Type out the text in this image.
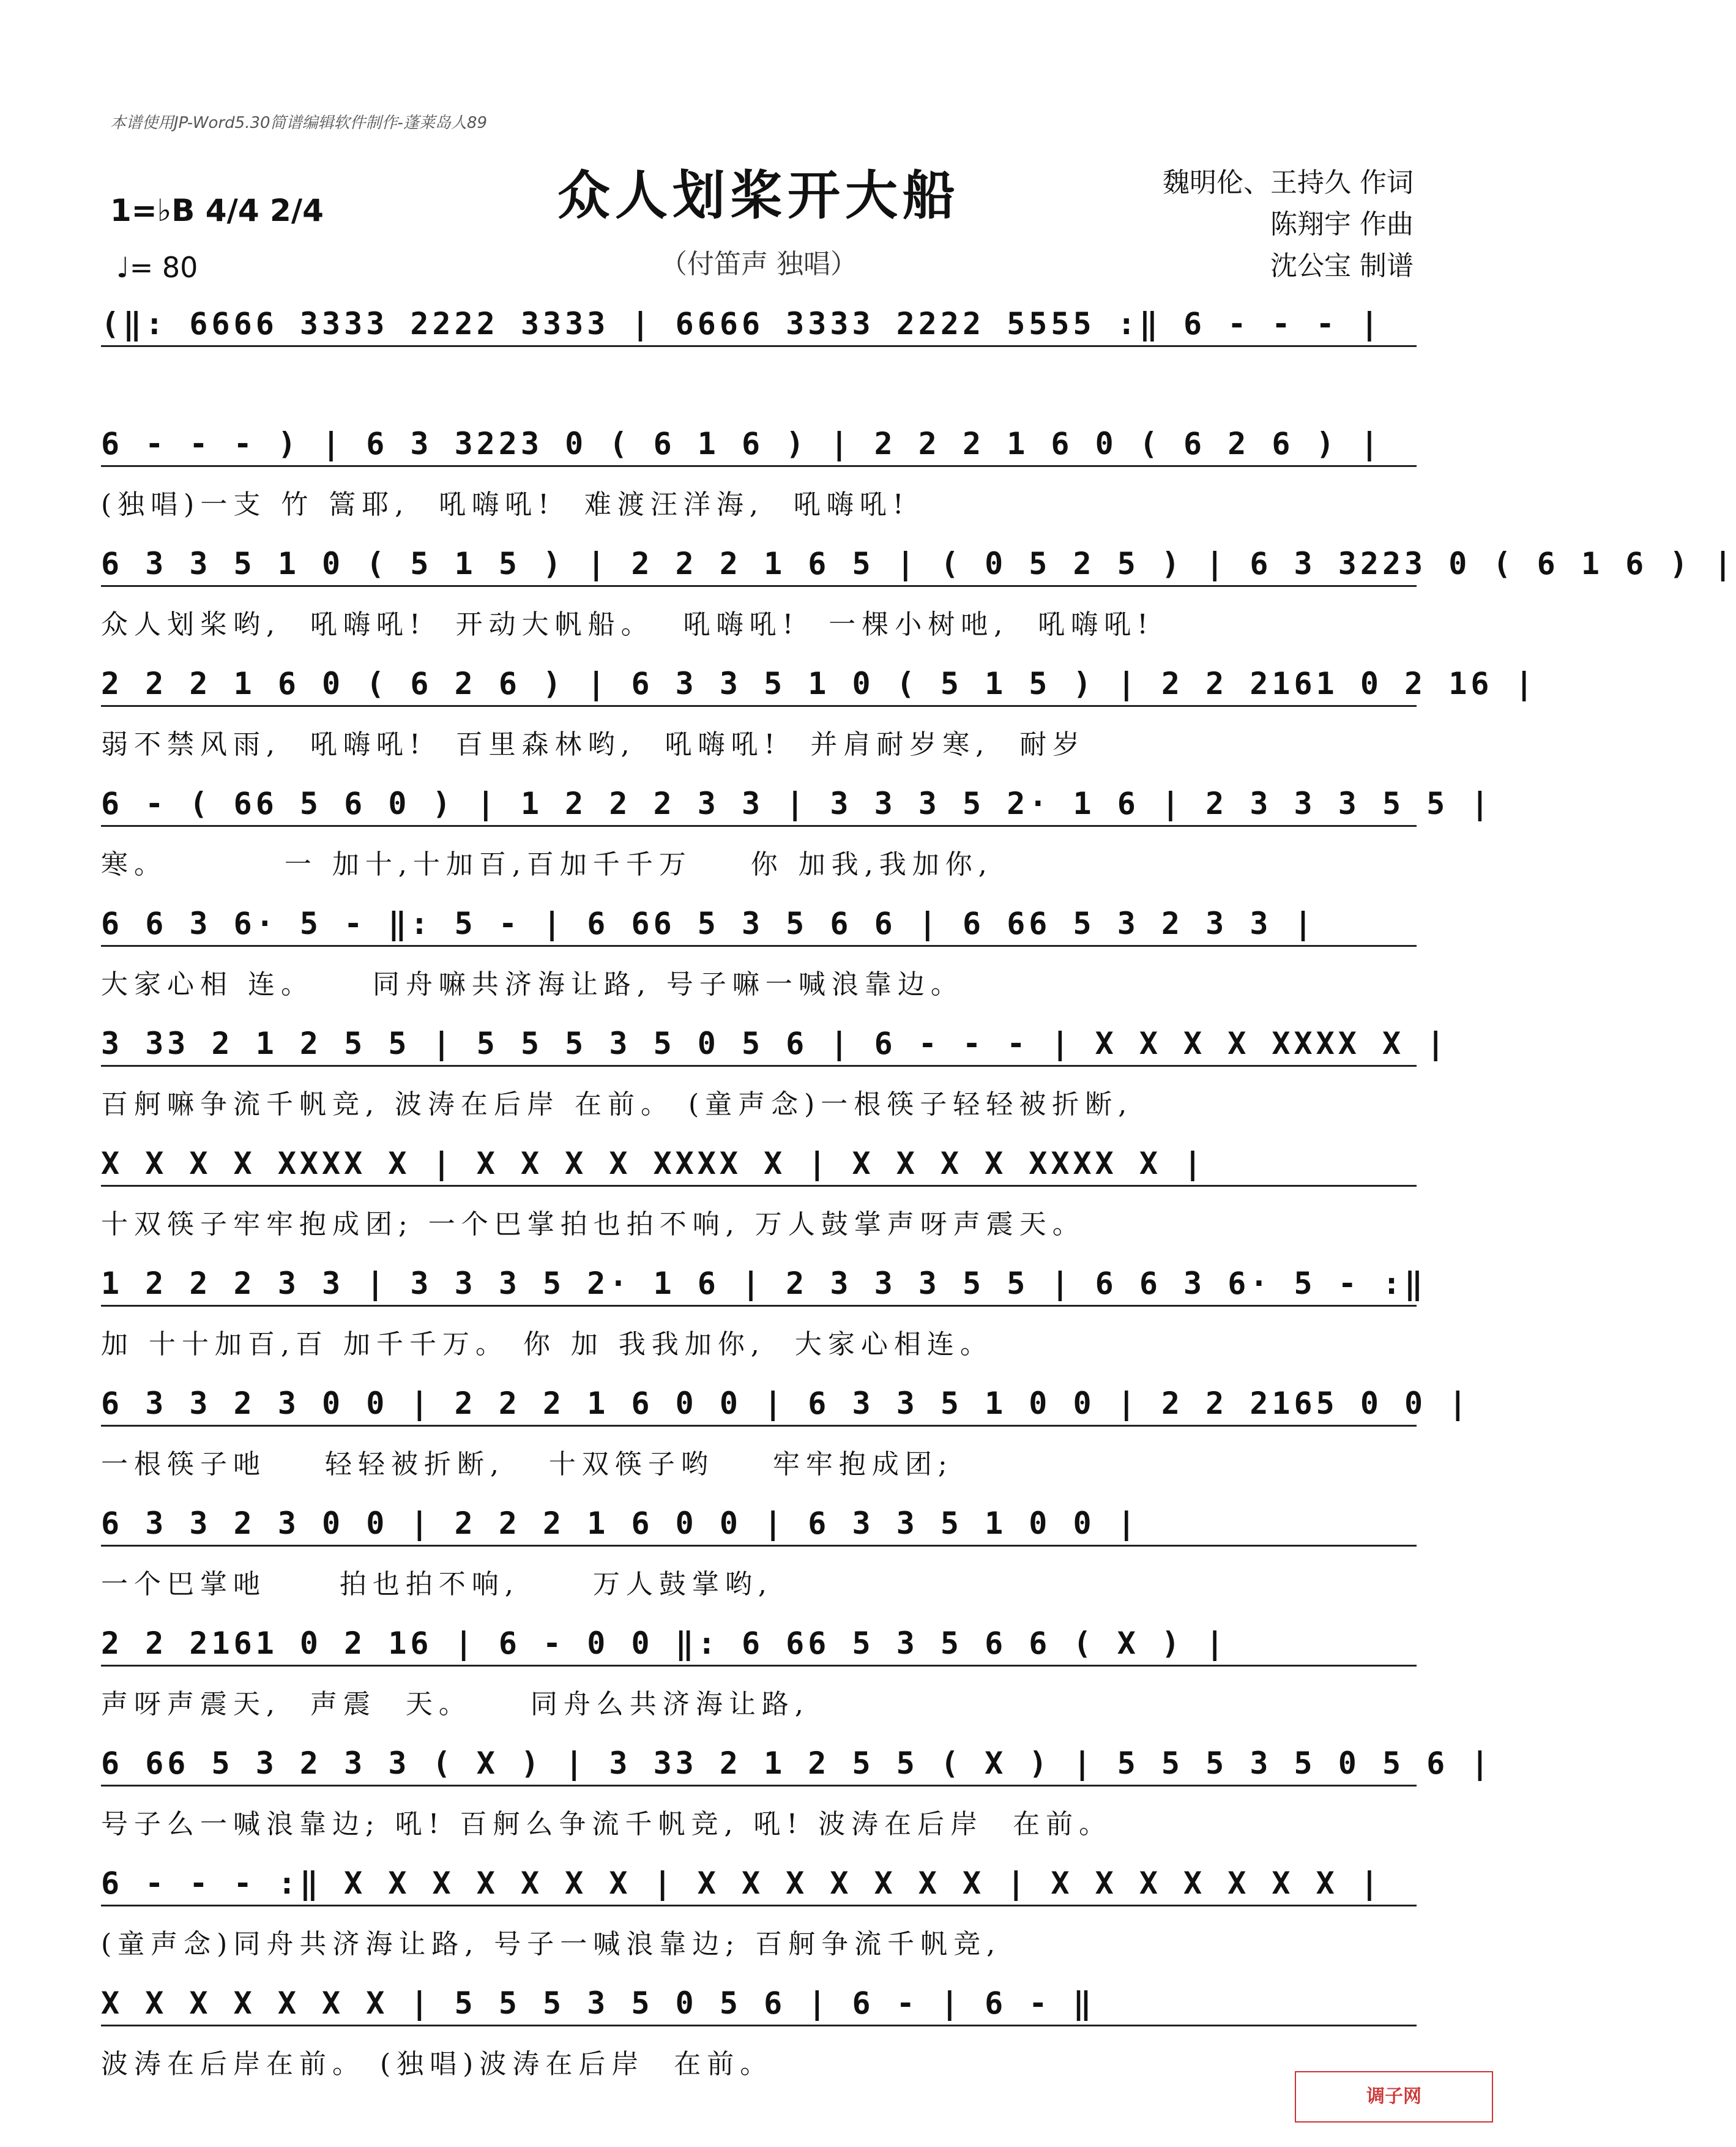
本谱使用JP-Word5.30简谱编辑软件制作-蓬莱岛人89
众人划桨开大船
（付笛声 独唱）
魏明伦、王持久 作词
陈翔宇 作曲
沈公宝 制谱
1=♭B 4/4 2/4
♩= 80
(‖: 6666 3333 2222 3333 | 6666 3333 2222 5555 :‖ 6 - - - |
6 - - - ) | 6 3 3223 0 ( 6 1 6 ) | 2 2 2 1 6 0 ( 6 2 6 ) |
(独唱)一支 竹 篙耶,  吼嗨吼!  难渡汪洋海,  吼嗨吼!
6 3 3 5 1 0 ( 5 1 5 ) | 2 2 2 1 6 5 | ( 0 5 2 5 ) | 6 3 3223 0 ( 6 1 6 ) |
众人划桨哟,  吼嗨吼!  开动大帆船。  吼嗨吼!  一棵小树吔,  吼嗨吼!
2 2 2 1 6 0 ( 6 2 6 ) | 6 3 3 5 1 0 ( 5 1 5 ) | 2 2 2161 0 2 16 |
弱不禁风雨,  吼嗨吼!  百里森林哟,  吼嗨吼!  并肩耐岁寒,  耐岁
6 - ( 66 5 6 0 ) | 1 2 2 2 3 3 | 3 3 3 5 2· 1 6 | 2 3 3 3 5 5 |
寒。        一 加十,十加百,百加千千万    你 加我,我加你,
6 6 3 6· 5 - ‖: 5 - | 6 66 5 3 5 6 6 | 6 66 5 3 2 3 3 |
大家心相 连。    同舟嘛共济海让路, 号子嘛一喊浪靠边。
3 33 2 1 2 5 5 | 5 5 5 3 5 0 5 6 | 6 - - - | X X X X XXXX X |
百舸嘛争流千帆竞, 波涛在后岸 在前。 (童声念)一根筷子轻轻被折断,
X X X X XXXX X | X X X X XXXX X | X X X X XXXX X |
十双筷子牢牢抱成团; 一个巴掌拍也拍不响, 万人鼓掌声呀声震天。
1 2 2 2 3 3 | 3 3 3 5 2· 1 6 | 2 3 3 3 5 5 | 6 6 3 6· 5 - :‖
加 十十加百,百 加千千万。 你 加 我我加你,  大家心相连。
6 3 3 2 3 0 0 | 2 2 2 1 6 0 0 | 6 3 3 5 1 0 0 | 2 2 2165 0 0 |
一根筷子吔    轻轻被折断,   十双筷子哟    牢牢抱成团;
6 3 3 2 3 0 0 | 2 2 2 1 6 0 0 | 6 3 3 5 1 0 0 |
一个巴掌吔     拍也拍不响,     万人鼓掌哟,
2 2 2161 0 2 16 | 6 - 0 0 ‖: 6 66 5 3 5 6 6 ( X ) |
声呀声震天,  声震  天。    同舟么共济海让路,
6 66 5 3 2 3 3 ( X ) | 3 33 2 1 2 5 5 ( X ) | 5 5 5 3 5 0 5 6 |
号子么一喊浪靠边; 吼! 百舸么争流千帆竞, 吼! 波涛在后岸  在前。
6 - - - :‖ X X X X X X X | X X X X X X X | X X X X X X X |
(童声念)同舟共济海让路, 号子一喊浪靠边; 百舸争流千帆竞,
X X X X X X X | 5 5 5 3 5 0 5 6 | 6 - | 6 - ‖
波涛在后岸在前。 (独唱)波涛在后岸  在前。
调子网
